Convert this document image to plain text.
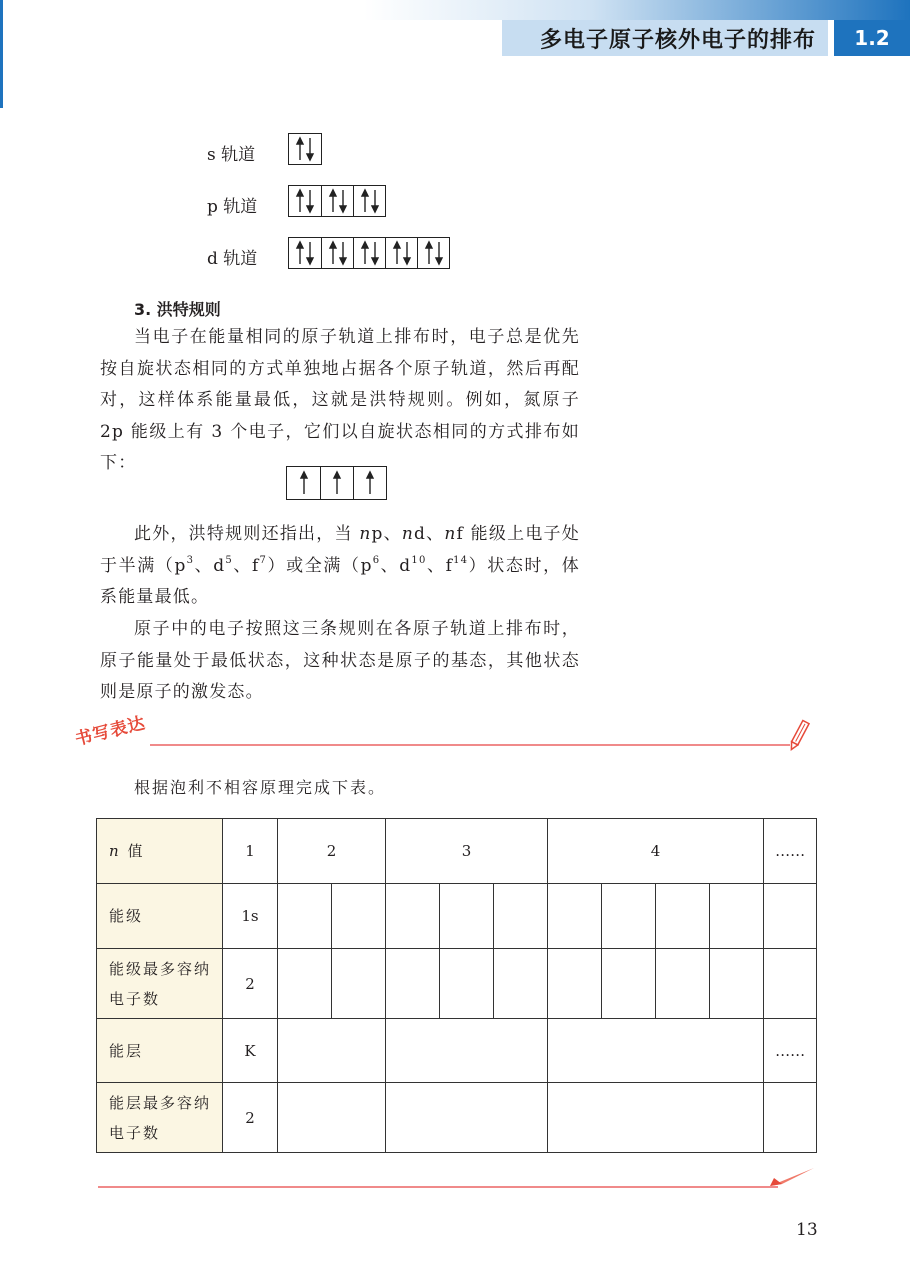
多电子原子核外电子的排布 1.2
s 轨道
p 轨道
d 轨道
3. 洪特规则

当电子在能量相同的原子轨道上排布时，电子总是优先按自旋状态相同的方式单独地占据各个原子轨道，然后再配对，这样体系能量最低，这就是洪特规则。例如，氮原子 2p 能级上有 3 个电子，它们以自旋状态相同的方式排布如下：

此外，洪特规则还指出，当 np、nd、nf 能级上电子处于半满（$p^3$、$d^5$、$f^7$）或全满（$p^6$、$d^{10}$、$f^{14}$）状态时，体系能量最低。

原子中的电子按照这三条规则在各原子轨道上排布时，原子能量处于最低状态，这种状态是原子的基态，其他状态则是原子的激发态。

书写表达
根据泡利不相容原理完成下表。
n 值	1	2		3			4				……
能级	1s										
能级最多容纳电子数	2										
能层	K										……
能层最多容纳电子数	2										
13
